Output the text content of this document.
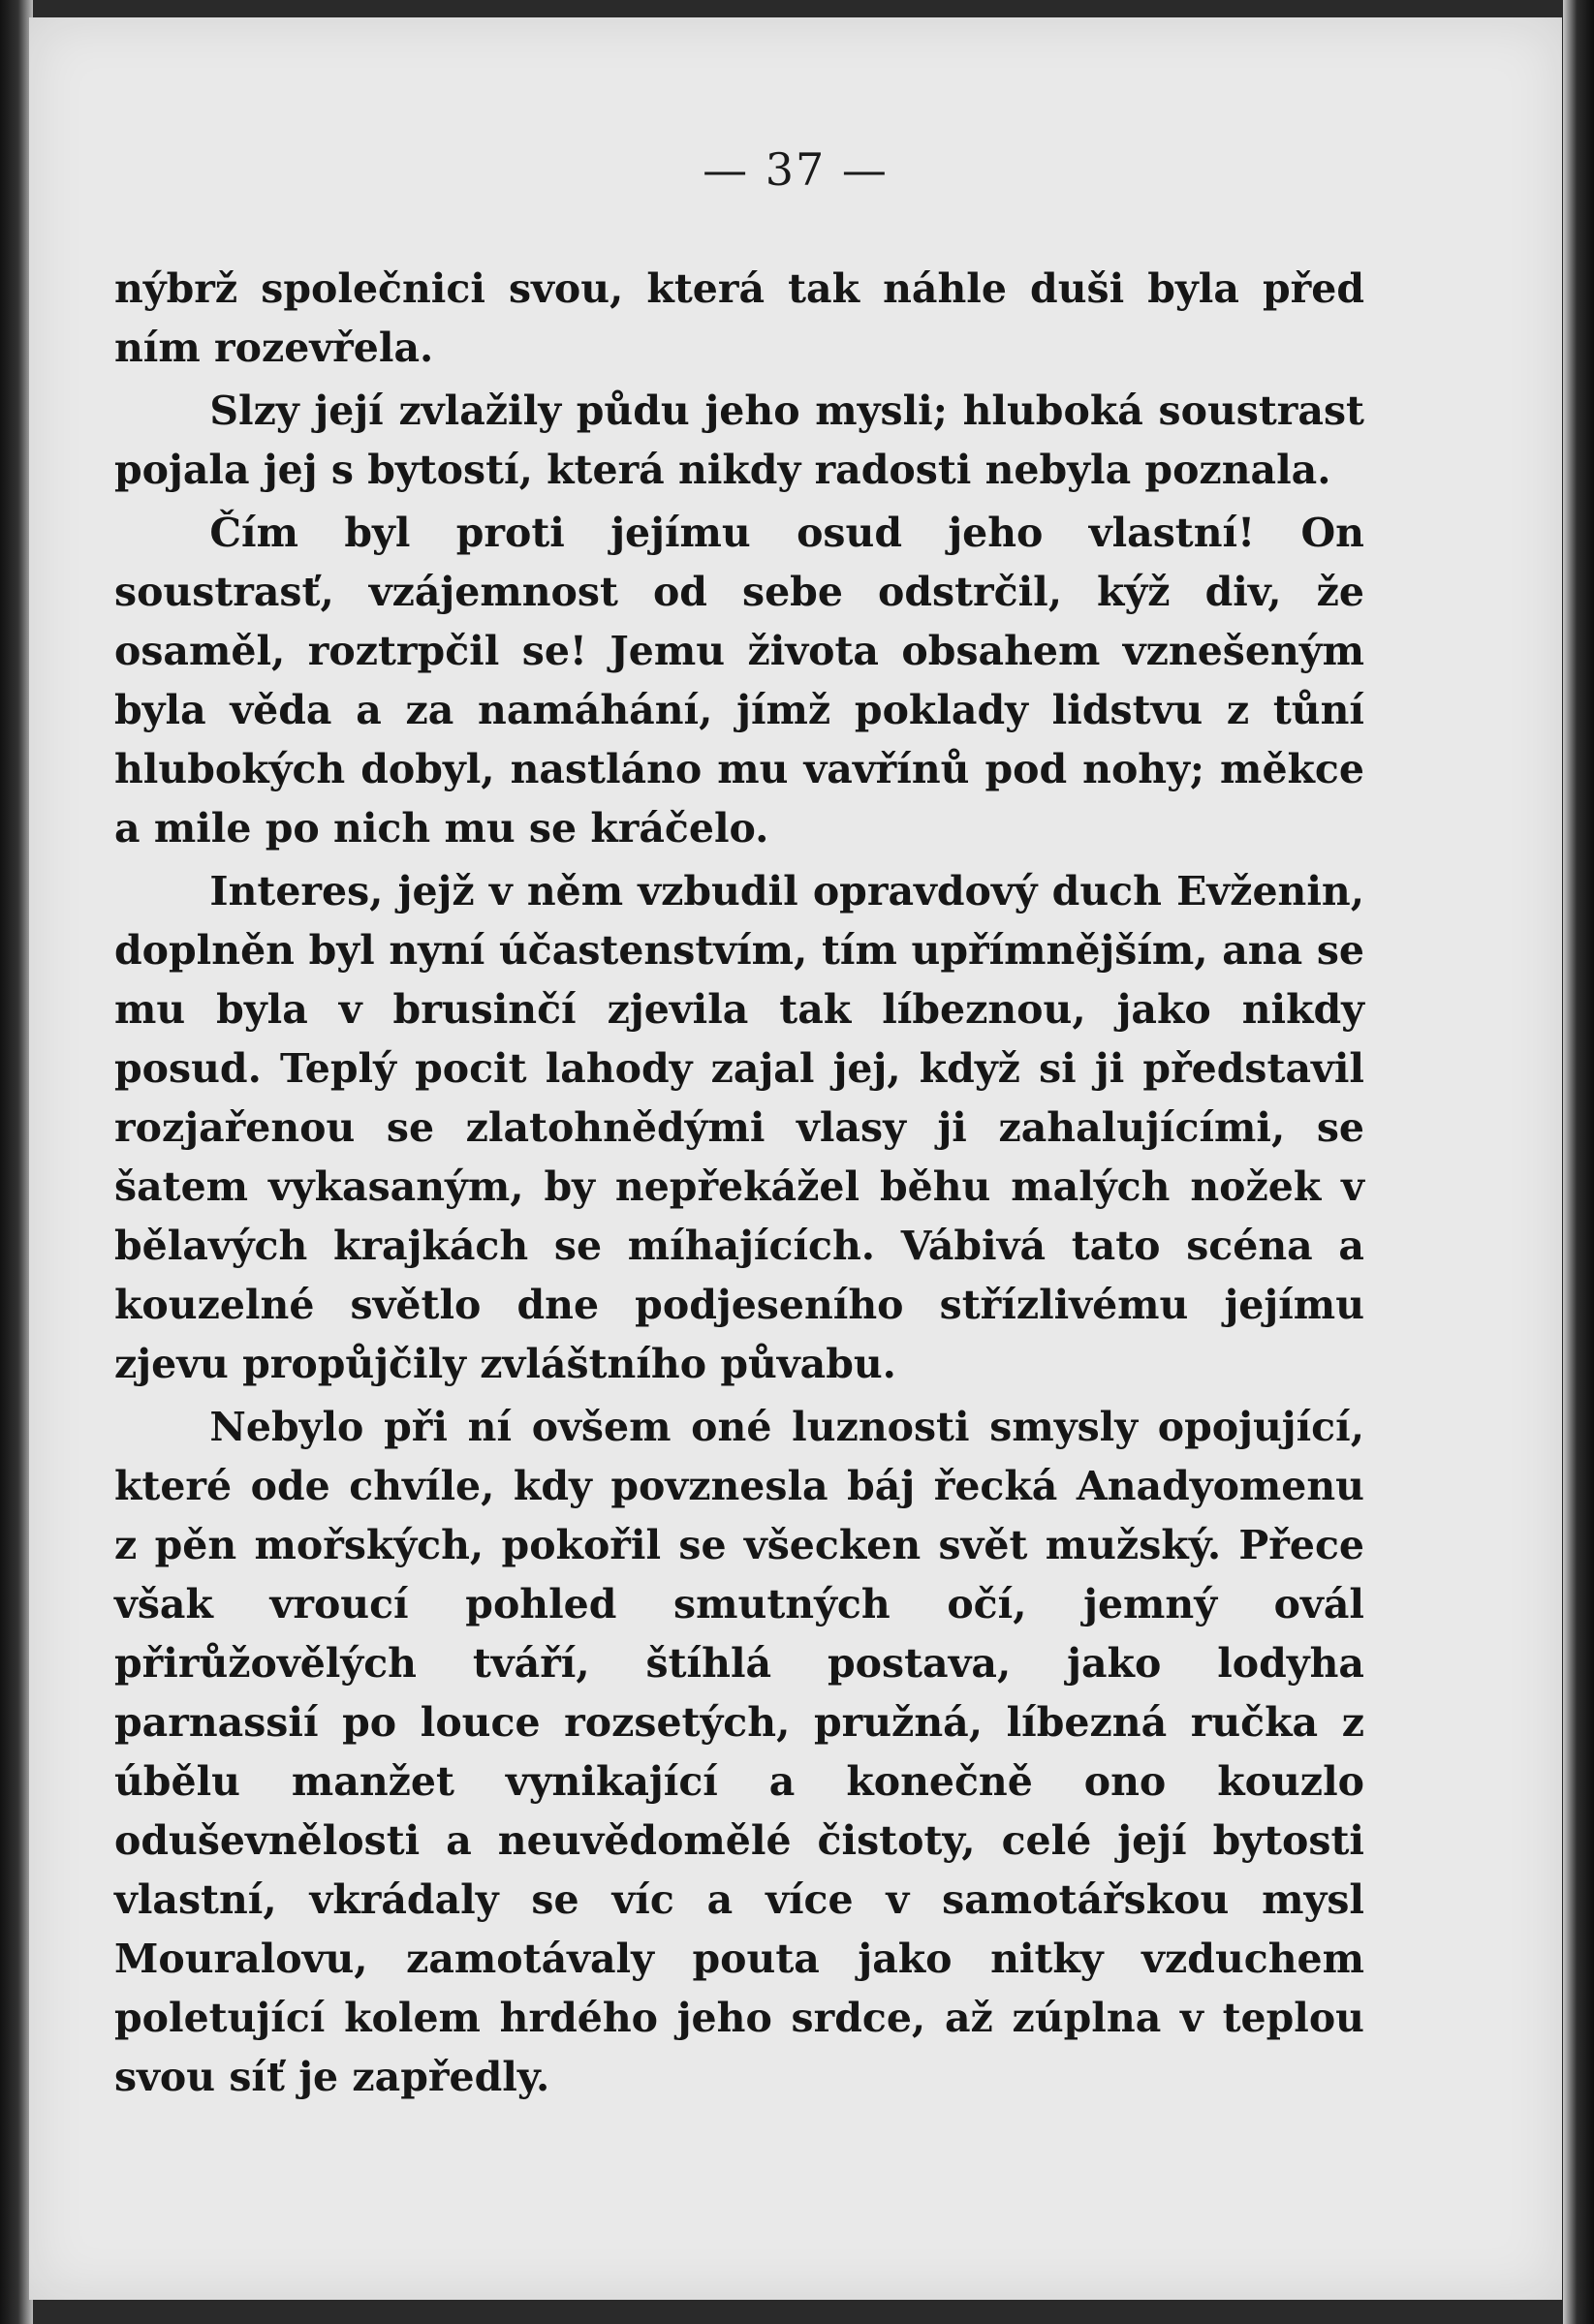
— 37 —

nýbrž společnici svou, která tak náhle duši byla před ním rozevřela.

Slzy její zvlažily půdu jeho mysli; hluboká soustrast pojala jej s bytostí, která nikdy radosti nebyla poznala.

Čím byl proti jejímu osud jeho vlastní! On soustrasť, vzájemnost od sebe odstrčil, kýž div, že osaměl, roztrpčil se! Jemu života obsahem vznešeným byla věda a za namáhání, jímž poklady lidstvu z tůní hlubokých dobyl, nastláno mu vavřínů pod nohy; měkce a mile po nich mu se kráčelo.

Interes, jejž v něm vzbudil opravdový duch Evženin, doplněn byl nyní účastenstvím, tím upřímnějším, ana se mu byla v brusinčí zjevila tak líbeznou, jako nikdy posud. Teplý pocit lahody zajal jej, když si ji představil rozjařenou se zlatohnědými vlasy ji zahalujícími, se šatem vykasaným, by nepřekážel běhu malých nožek v bělavých krajkách se míhajících. Vábivá tato scéna a kouzelné světlo dne podjeseního střízlivému jejímu zjevu propůjčily zvláštního půvabu.

Nebylo při ní ovšem oné luznosti smysly opojující, které ode chvíle, kdy povznesla báj řecká Anadyomenu z pěn mořských, pokořil se všecken svět mužský. Přece však vroucí pohled smutných očí, jemný ovál přirůžovělých tváří, štíhlá postava, jako lodyha parnassií po louce rozsetých, pružná, líbezná ručka z úbělu manžet vynikající a konečně ono kouzlo oduševnělosti a neuvědomělé čistoty, celé její bytosti vlastní, vkrádaly se víc a více v samotářskou mysl Mouralovu, zamotávaly pouta jako nitky vzduchem poletující kolem hrdého jeho srdce, až zúplna v teplou svou síť je zapředly.
